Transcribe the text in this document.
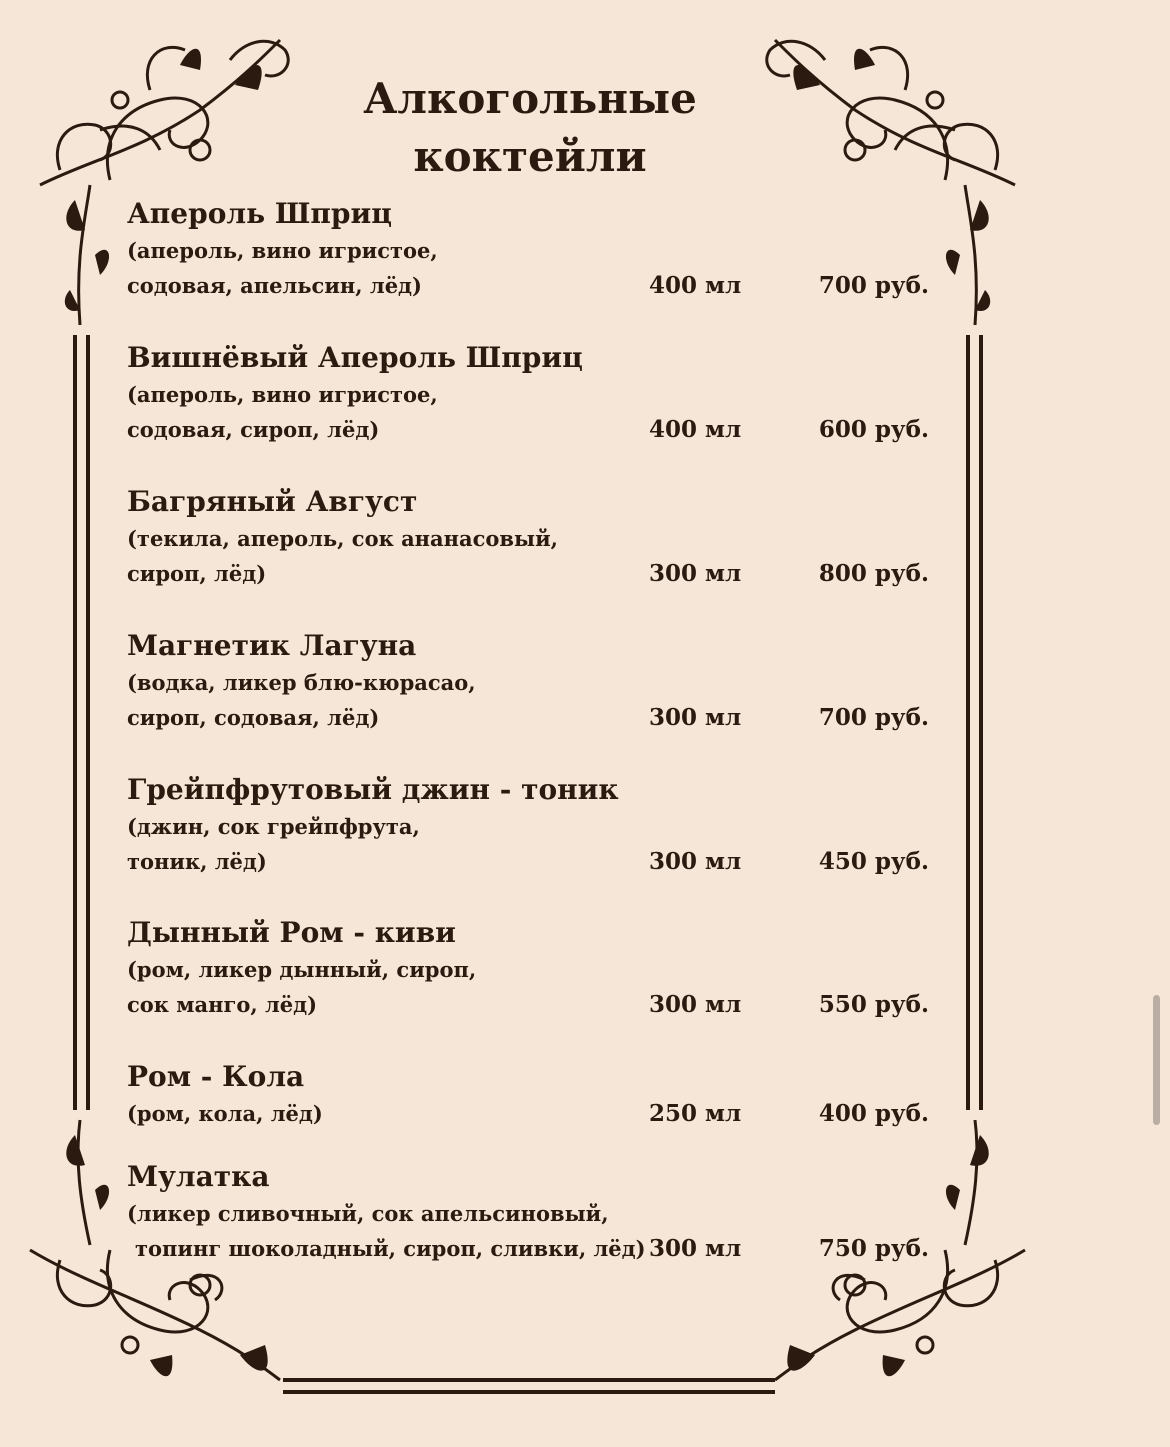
Алкогольные
коктейли
Апероль Шприц
(апероль, вино игристое,
содовая, апельсин, лёд)	400 мл	700 руб.
Вишнёвый Апероль Шприц
(апероль, вино игристое,
содовая, сироп, лёд)	400 мл	600 руб.
Багряный Август
(текила, апероль, сок ананасовый,
сироп, лёд)	300 мл	800 руб.
Магнетик Лагуна
(водка, ликер блю-кюрасао,
сироп, содовая, лёд)	300 мл	700 руб.
Грейпфрутовый джин - тоник
(джин, сок грейпфрута,
тоник, лёд)	300 мл	450 руб.
Дынный Ром - киви
(ром, ликер дынный, сироп,
сок манго, лёд)	300 мл	550 руб.
Ром - Кола
(ром, кола, лёд)	250 мл	400 руб.
Мулатка
(ликер сливочный, сок апельсиновый,
топинг шоколадный, сироп, сливки, лёд) 300 мл	750 руб.
